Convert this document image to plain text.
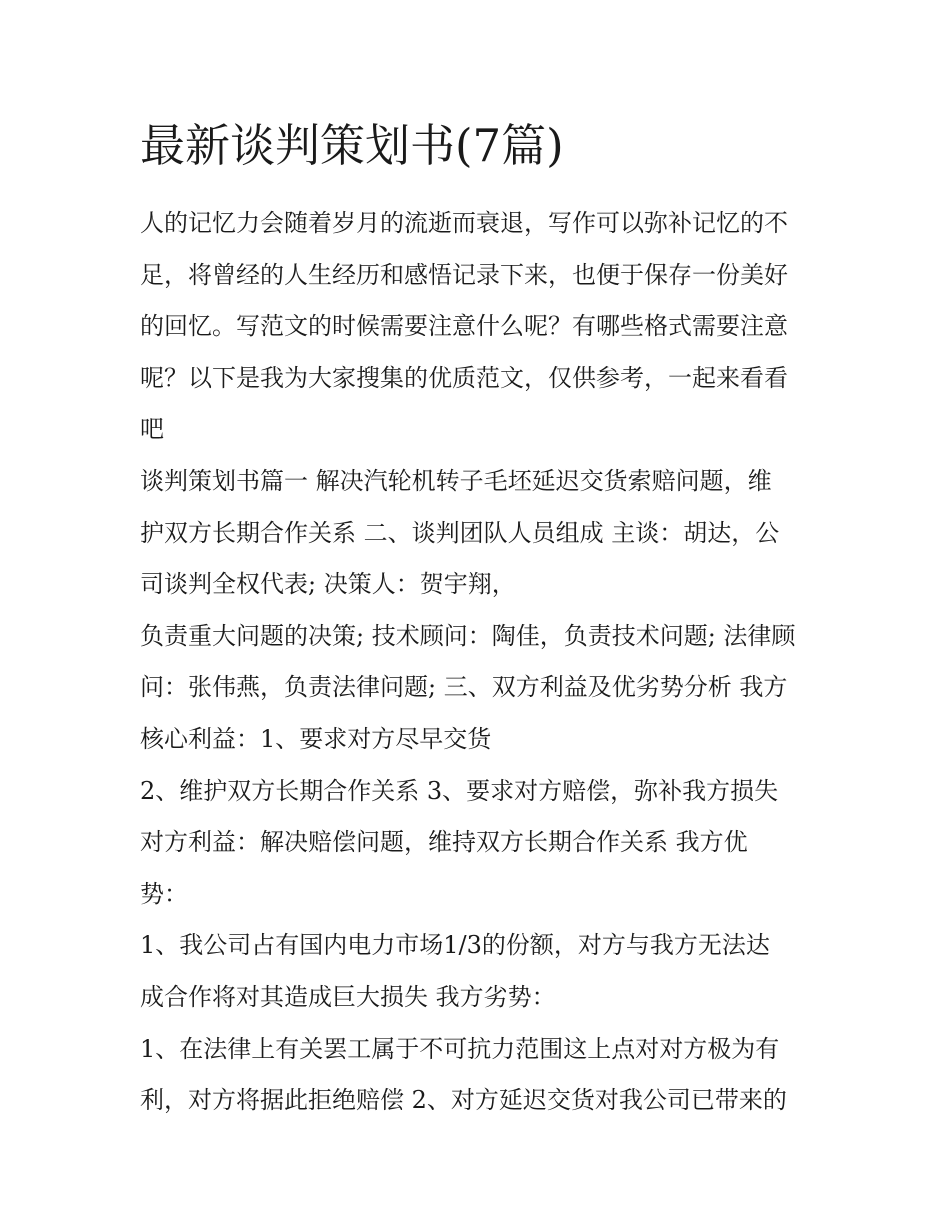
最新谈判策划书(7篇)
人的记忆力会随着岁月的流逝而衰退，写作可以弥补记忆的不
足，将曾经的人生经历和感悟记录下来，也便于保存一份美好
的回忆。写范文的时候需要注意什么呢？有哪些格式需要注意
呢？以下是我为大家搜集的优质范文，仅供参考，一起来看看
吧
谈判策划书篇一 解决汽轮机转子毛坯延迟交货索赔问题，维
护双方长期合作关系 二、谈判团队人员组成 主谈：胡达，公
司谈判全权代表; 决策人：贺宇翔，
负责重大问题的决策; 技术顾问：陶佳，负责技术问题; 法律顾
问：张伟燕，负责法律问题; 三、双方利益及优劣势分析 我方
核心利益：1、要求对方尽早交货
2、维护双方长期合作关系 3、要求对方赔偿，弥补我方损失
对方利益：解决赔偿问题，维持双方长期合作关系 我方优
势：
1、我公司占有国内电力市场1/3的份额，对方与我方无法达
成合作将对其造成巨大损失 我方劣势：
1、在法律上有关罢工属于不可抗力范围这上点对对方极为有
利，对方将据此拒绝赔偿 2、对方延迟交货对我公司已带来的
